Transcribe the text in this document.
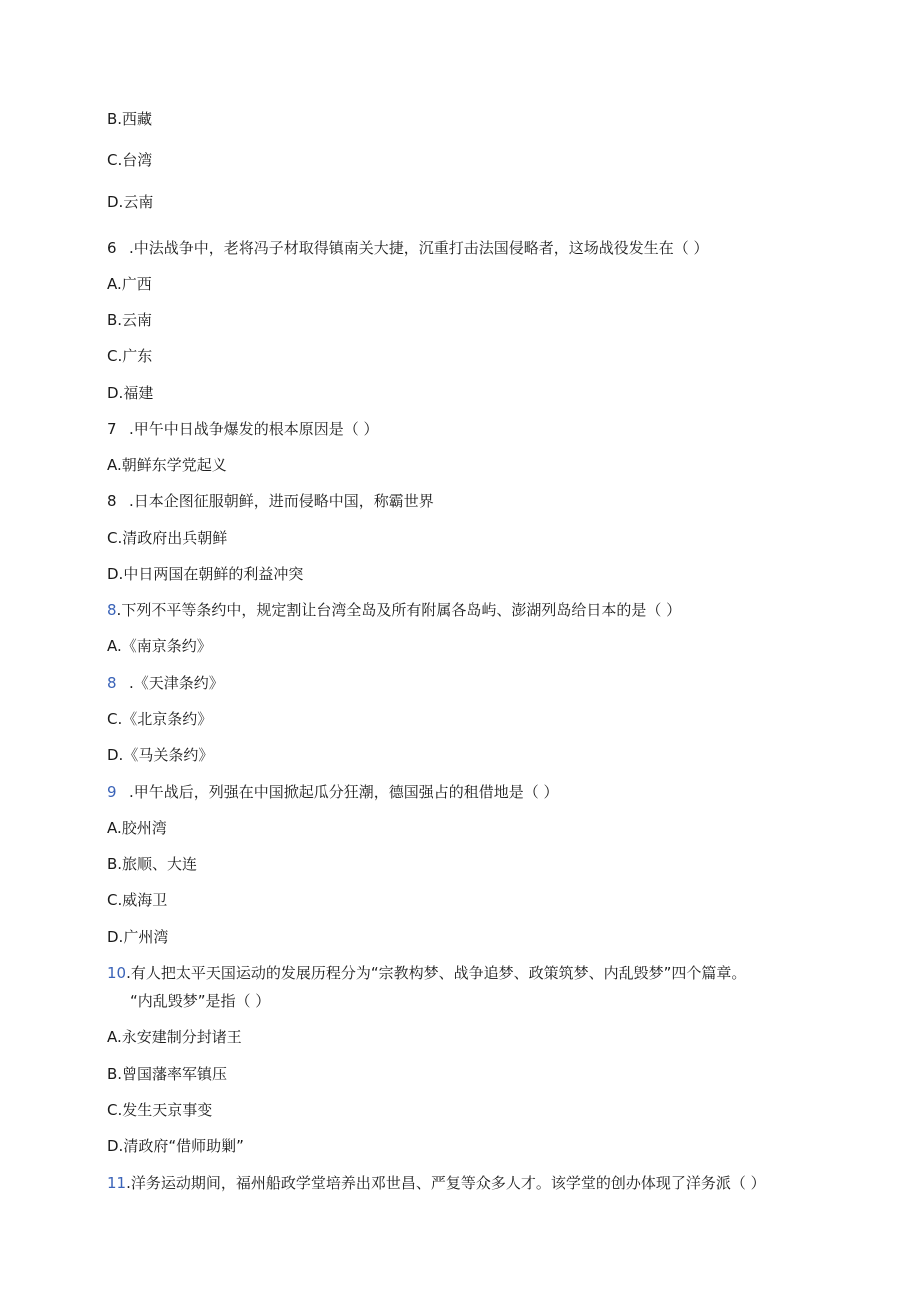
B.西藏
C.台湾
D.云南
6 .中法战争中，老将冯子材取得镇南关大捷，沉重打击法国侵略者，这场战役发生在（ ）
A.广西
B.云南
C.广东
D.福建
7 .甲午中日战争爆发的根本原因是（ ）
A.朝鲜东学党起义
8 .日本企图征服朝鲜，进而侵略中国，称霸世界
C.清政府出兵朝鲜
D.中日两国在朝鲜的利益冲突
8.下列不平等条约中，规定割让台湾全岛及所有附属各岛屿、澎湖列岛给日本的是（ ）
A.《南京条约》
8 .《天津条约》
C.《北京条约》
D.《马关条约》
9 .甲午战后，列强在中国掀起瓜分狂潮，德国强占的租借地是（ ）
A.胶州湾
B.旅顺、大连
C.威海卫
D.广州湾
10.有人把太平天国运动的发展历程分为“宗教构梦、战争追梦、政策筑梦、内乱毁梦”四个篇章。
“内乱毁梦”是指（ ）
A.永安建制分封诸王
B.曾国藩率军镇压
C.发生天京事变
D.清政府“借师助剿”
11.洋务运动期间，福州船政学堂培养出邓世昌、严复等众多人才。该学堂的创办体现了洋务派（ ）
